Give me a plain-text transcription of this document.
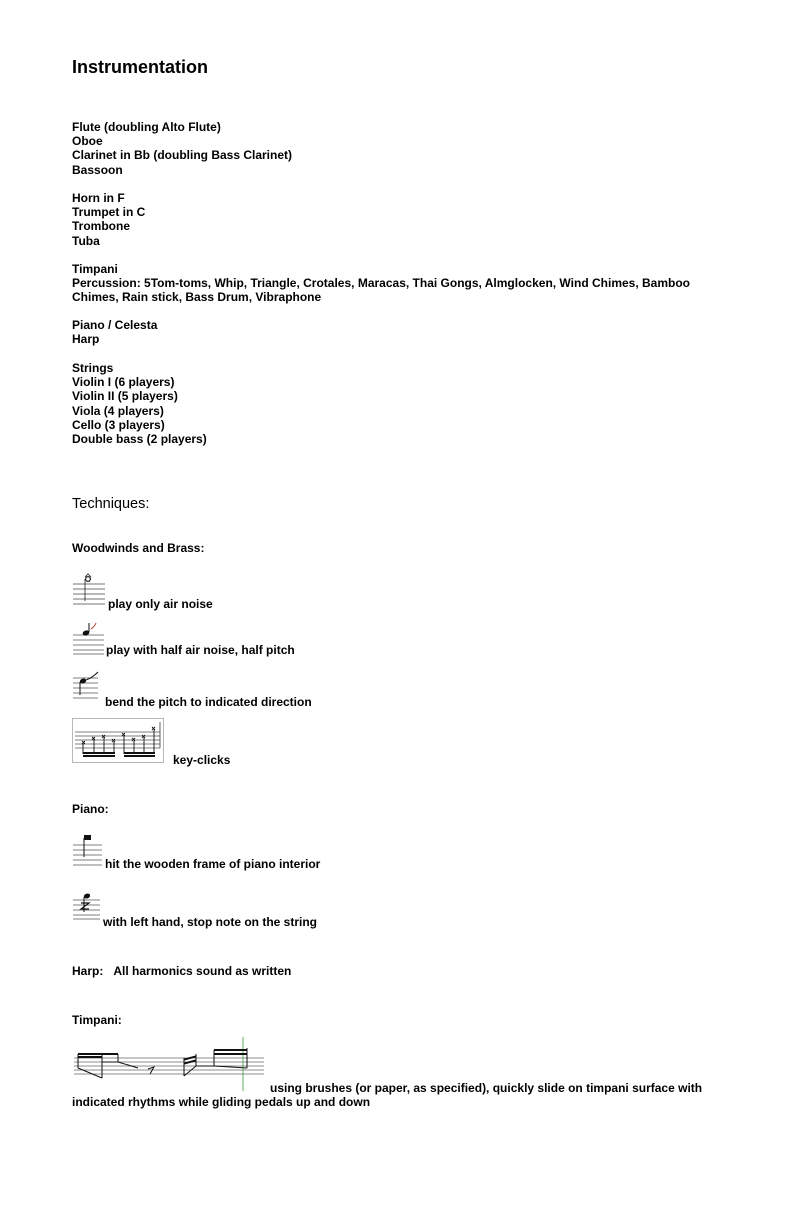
Instrumentation
Flute (doubling Alto Flute)
Oboe
Clarinet in Bb (doubling Bass Clarinet)
Bassoon
Horn in F
Trumpet in C
Trombone
Tuba
Timpani
Percussion: 5Tom-toms, Whip, Triangle, Crotales, Maracas, Thai Gongs, Almglocken, Wind Chimes, Bamboo Chimes, Rain stick, Bass Drum, Vibraphone
Piano / Celesta
Harp
Strings
Violin I (6 players)
Violin II (5 players)
Viola (4 players)
Cello (3 players)
Double bass (2 players)
Techniques:
Woodwinds and Brass:
play only air noise
play with half air noise, half pitch
bend the pitch to indicated direction
key-clicks
Piano:
hit the wooden frame of piano interior
with left hand, stop note on the string
Harp: All harmonics sound as written
Timpani:
using brushes (or paper, as specified), quickly slide on timpani surface with indicated rhythms while gliding pedals up and down
